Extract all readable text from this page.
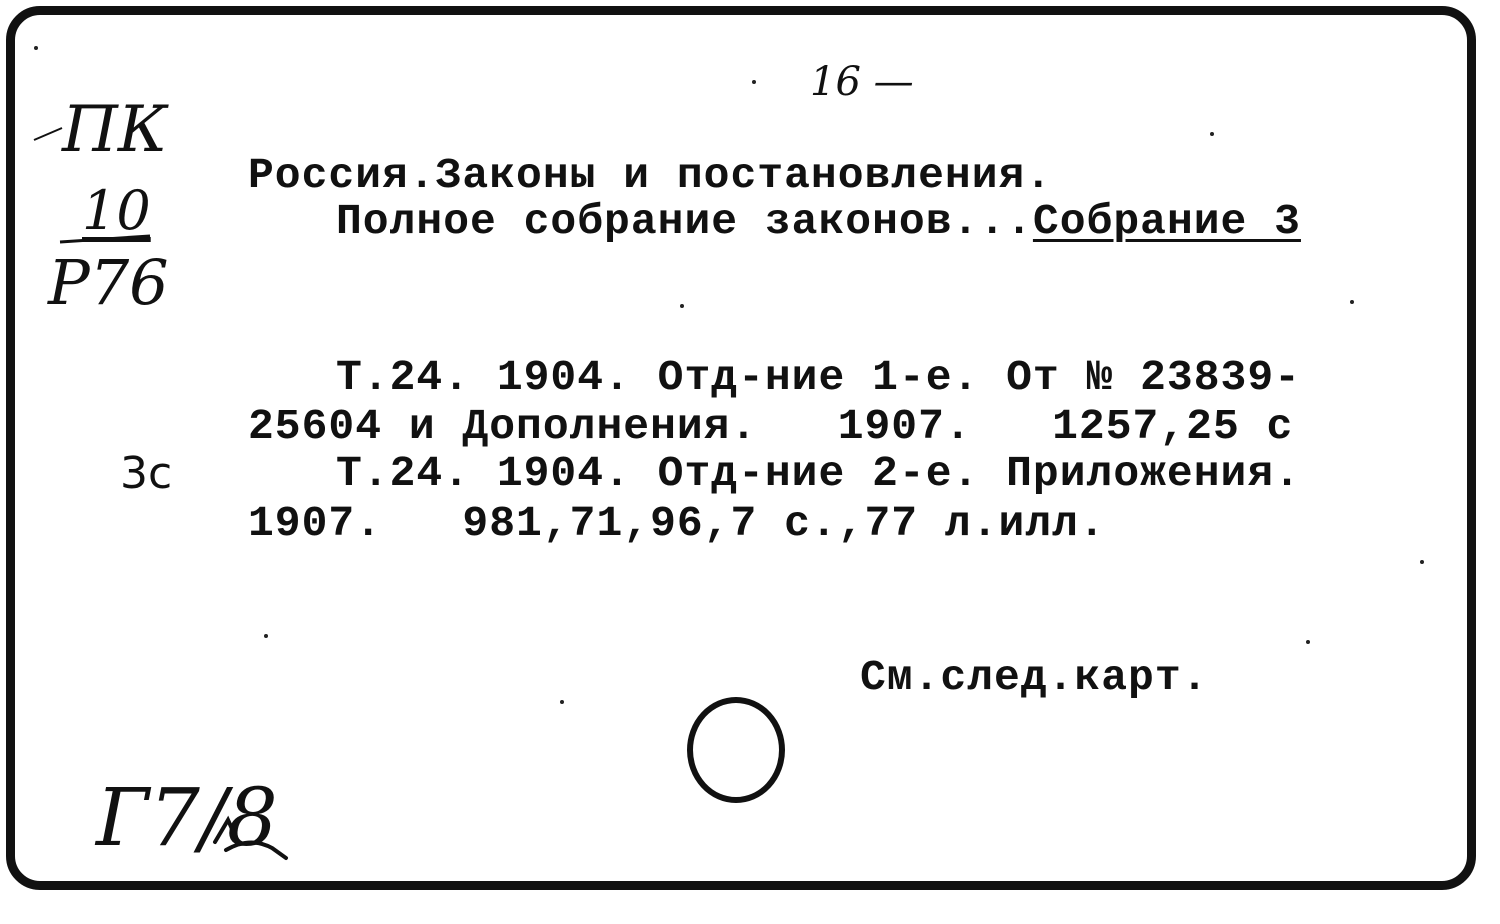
16 —
ПК
10
Р76
Россия.Законы и постановления.
Полное собрание законов...Собрание 3
Т.24. 1904. Отд-ние 1-е. От № 23839-
25604 и Дополнения.   1907.   1257,25 с
Т.24. 1904. Отд-ние 2-е. Приложения.
1907.   981,71,96,7 с.,77 л.илл.
3с
См.след.карт.
Г7/8
